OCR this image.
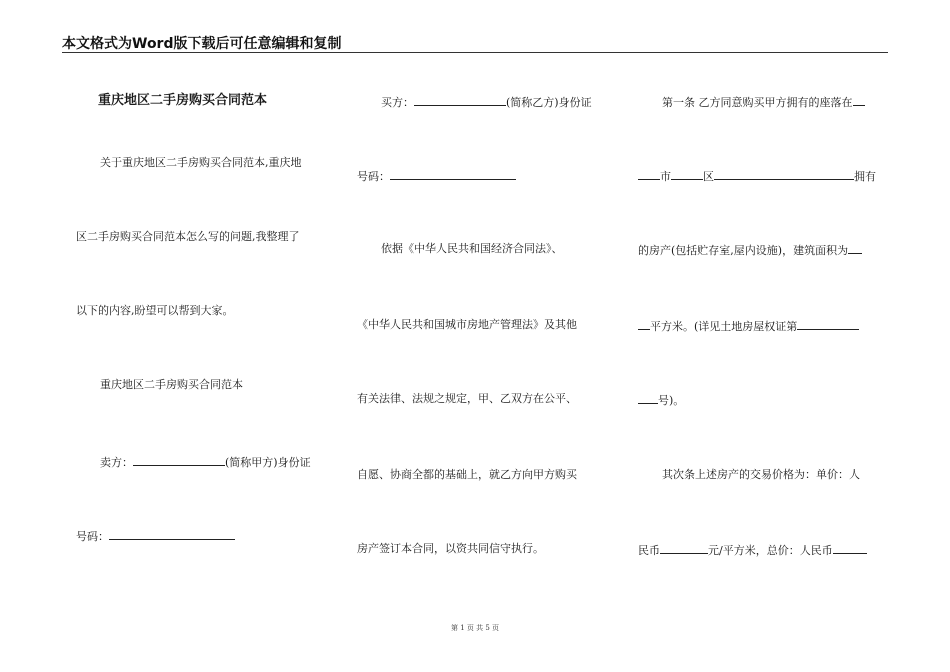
本文格式为Word版下载后可任意编辑和复制
重庆地区二手房购买合同范本
关于重庆地区二手房购买合同范本,重庆地
区二手房购买合同范本怎么写的问题,我整理了
以下的内容,盼望可以帮到大家。
重庆地区二手房购买合同范本
卖方：	(简称甲方)身份证
号码：
买方：	(简称乙方)身份证
号码：
依据《中华人民共和国经济合同法》、
《中华人民共和国城市房地产管理法》及其他
有关法律、法规之规定，甲、乙双方在公平、
自愿、协商全都的基础上，就乙方向甲方购买
房产签订本合同，以资共同信守执行。
第一条 乙方同意购买甲方拥有的座落在
市	区	拥有
的房产(包括贮存室,屋内设施)，建筑面积为
平方米。(详见土地房屋权证第
号)。
其次条上述房产的交易价格为：单价：人
民币	元/平方米，总价：人民币
第 1 页 共 5 页
